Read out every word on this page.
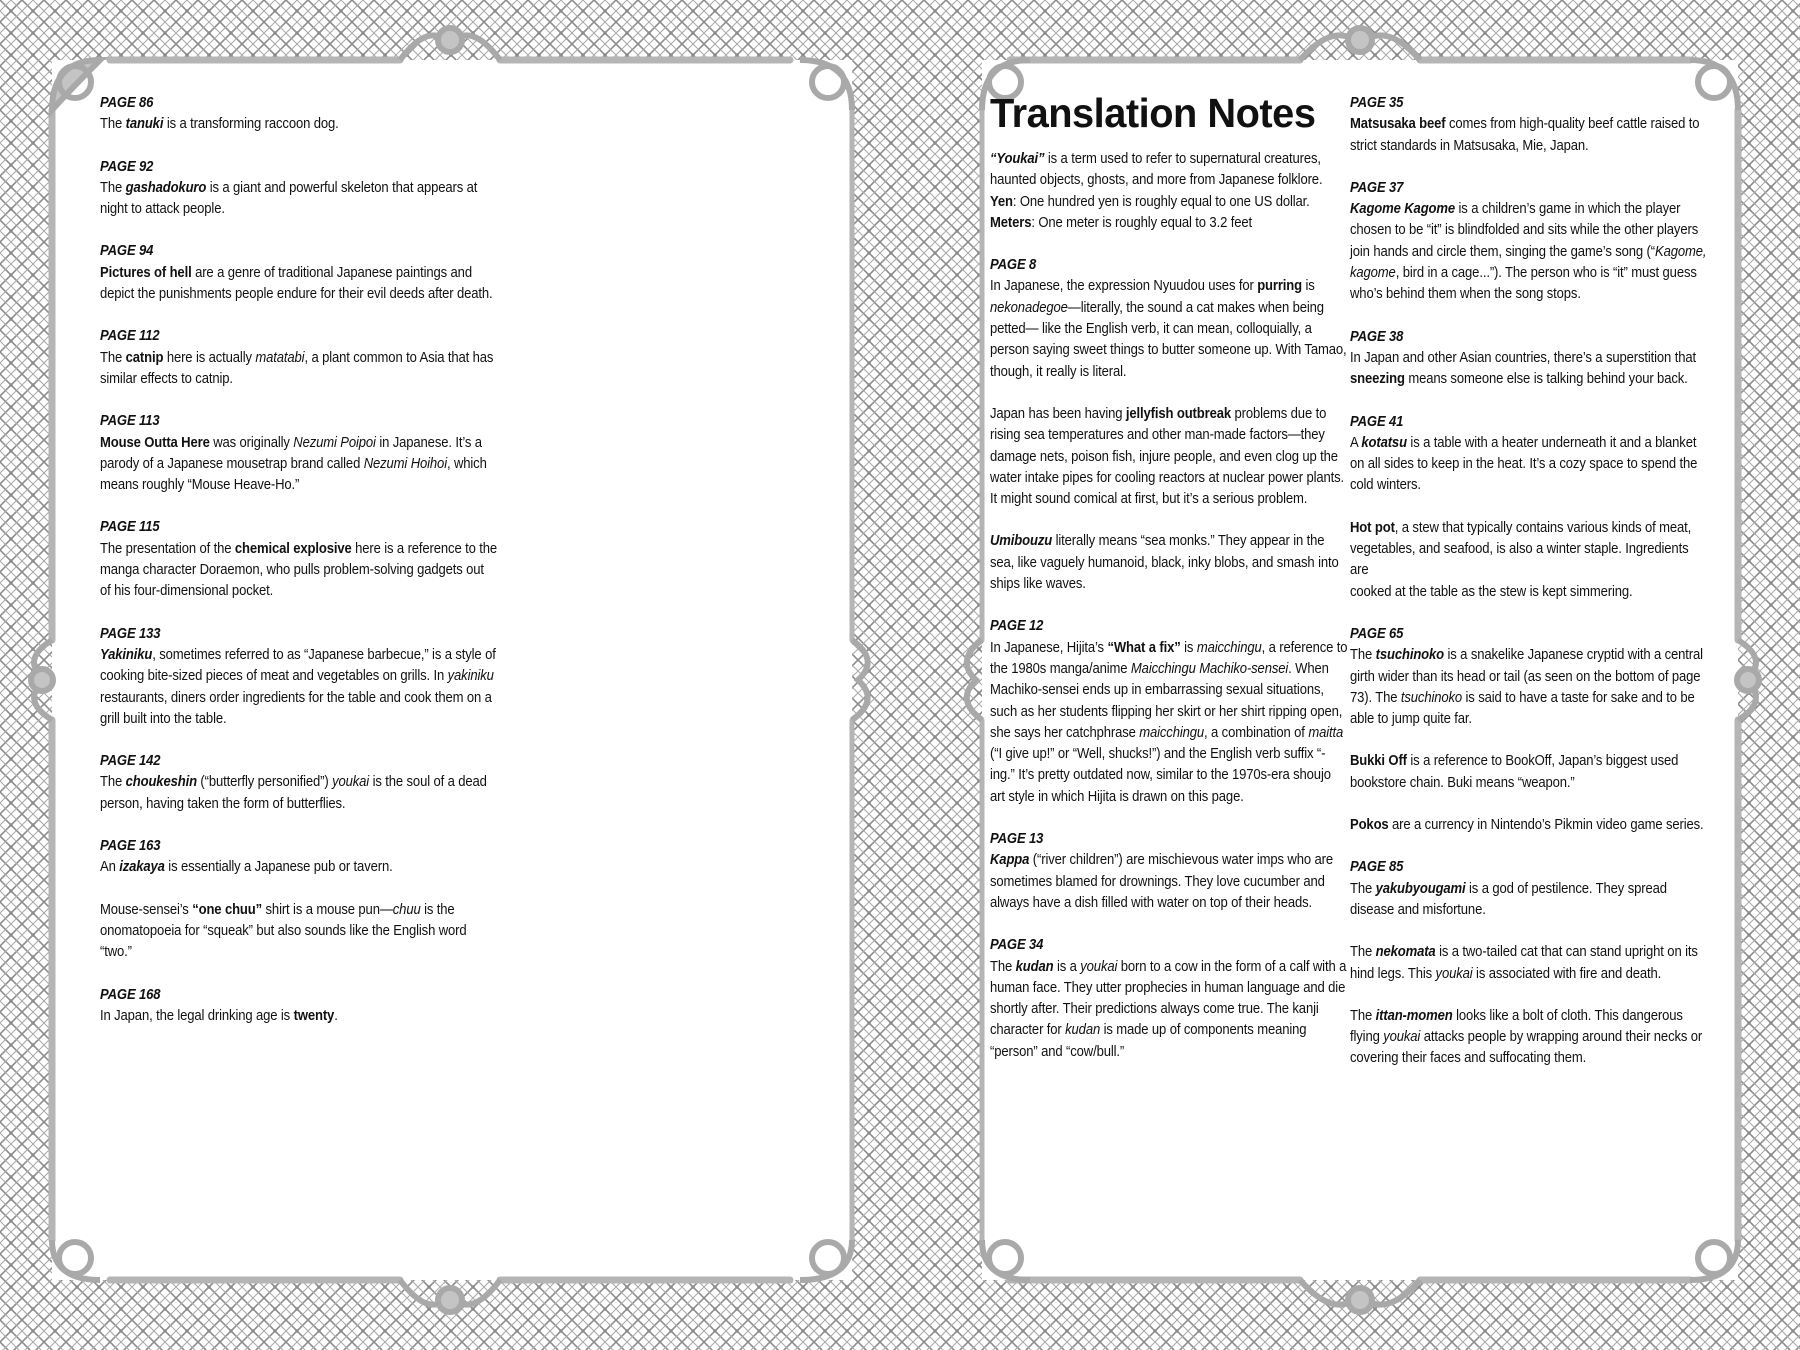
Translation Notes
PAGE 86
The tanuki is a transforming raccoon dog.
PAGE 92
The gashadokuro is a giant and powerful skeleton that appears at night to attack people.
PAGE 94
Pictures of hell are a genre of traditional Japanese paintings and depict the punishments people endure for their evil deeds after death.
PAGE 112
The catnip here is actually matatabi, a plant common to Asia that has similar effects to catnip.
PAGE 113
Mouse Outta Here was originally Nezumi Poipoi in Japanese. It’s a parody of a Japanese mousetrap brand called Nezumi Hoihoi, which means roughly “Mouse Heave-Ho.”
PAGE 115
The presentation of the chemical explosive here is a reference to the manga character Doraemon, who pulls problem-solving gadgets out of his four-dimensional pocket.
PAGE 133
Yakiniku, sometimes referred to as “Japanese barbecue,” is a style of cooking bite-sized pieces of meat and vegetables on grills. In yakiniku restaurants, diners order ingredients for the table and cook them on a grill built into the table.
PAGE 142
The choukeshin (“butterfly personified”) youkai is the soul of a dead person, having taken the form of butterflies.
PAGE 163
An izakaya is essentially a Japanese pub or tavern.
Mouse-sensei’s “one chuu” shirt is a mouse pun—chuu is the onomatopoeia for “squeak” but also sounds like the English word “two.”
PAGE 168
In Japan, the legal drinking age is twenty.
“Youkai” is a term used to refer to supernatural creatures, haunted objects, ghosts, and more from Japanese folklore.
Yen: One hundred yen is roughly equal to one US dollar.
Meters: One meter is roughly equal to 3.2 feet
PAGE 8
In Japanese, the expression Nyuudou uses for purring is nekonadegoe—literally, the sound a cat makes when being petted— like the English verb, it can mean, colloquially, a person saying sweet things to butter someone up. With Tamao, though, it really is literal.
Japan has been having jellyfish outbreak problems due to rising sea temperatures and other man-made factors—they damage nets, poison fish, injure people, and even clog up the water intake pipes for cooling reactors at nuclear power plants. It might sound comical at first, but it’s a serious problem.
Umibouzu literally means “sea monks.” They appear in the sea, like vaguely humanoid, black, inky blobs, and smash into ships like waves.
PAGE 12
In Japanese, Hijita’s “What a fix” is maicchingu, a reference to the 1980s manga/anime Maicchingu Machiko-sensei. When Machiko-sensei ends up in embarrassing sexual situations, such as her students flipping her skirt or her shirt ripping open, she says her catchphrase maicchingu, a combination of maitta (“I give up!” or “Well, shucks!”) and the English verb suffix “-ing.” It’s pretty outdated now, similar to the 1970s-era shoujo art style in which Hijita is drawn on this page.
PAGE 13
Kappa (“river children”) are mischievous water imps who are sometimes blamed for drownings. They love cucumber and always have a dish filled with water on top of their heads.
PAGE 34
The kudan is a youkai born to a cow in the form of a calf with a human face. They utter prophecies in human language and die shortly after. Their predictions always come true. The kanji character for kudan is made up of components meaning “person” and “cow/bull.”
PAGE 35
Matsusaka beef comes from high-quality beef cattle raised to strict standards in Matsusaka, Mie, Japan.
PAGE 37
Kagome Kagome is a children’s game in which the player chosen to be “it” is blindfolded and sits while the other players join hands and circle them, singing the game’s song (“Kagome, kagome, bird in a cage...”). The person who is “it” must guess who’s behind them when the song stops.
PAGE 38
In Japan and other Asian countries, there’s a superstition that sneezing means someone else is talking behind your back.
PAGE 41
A kotatsu is a table with a heater underneath it and a blanket on all sides to keep in the heat. It’s a cozy space to spend the cold winters.
Hot pot, a stew that typically contains various kinds of meat, vegetables, and seafood, is also a winter staple. Ingredients are
cooked at the table as the stew is kept simmering.
PAGE 65
The tsuchinoko is a snakelike Japanese cryptid with a central girth wider than its head or tail (as seen on the bottom of page 73). The tsuchinoko is said to have a taste for sake and to be able to jump quite far.
Bukki Off is a reference to BookOff, Japan’s biggest used bookstore chain. Buki means “weapon.”
Pokos are a currency in Nintendo’s Pikmin video game series.
PAGE 85
The yakubyougami is a god of pestilence. They spread disease and misfortune.
The nekomata is a two-tailed cat that can stand upright on its hind legs. This youkai is associated with fire and death.
The ittan-momen looks like a bolt of cloth. This dangerous flying youkai attacks people by wrapping around their necks or covering their faces and suffocating them.
